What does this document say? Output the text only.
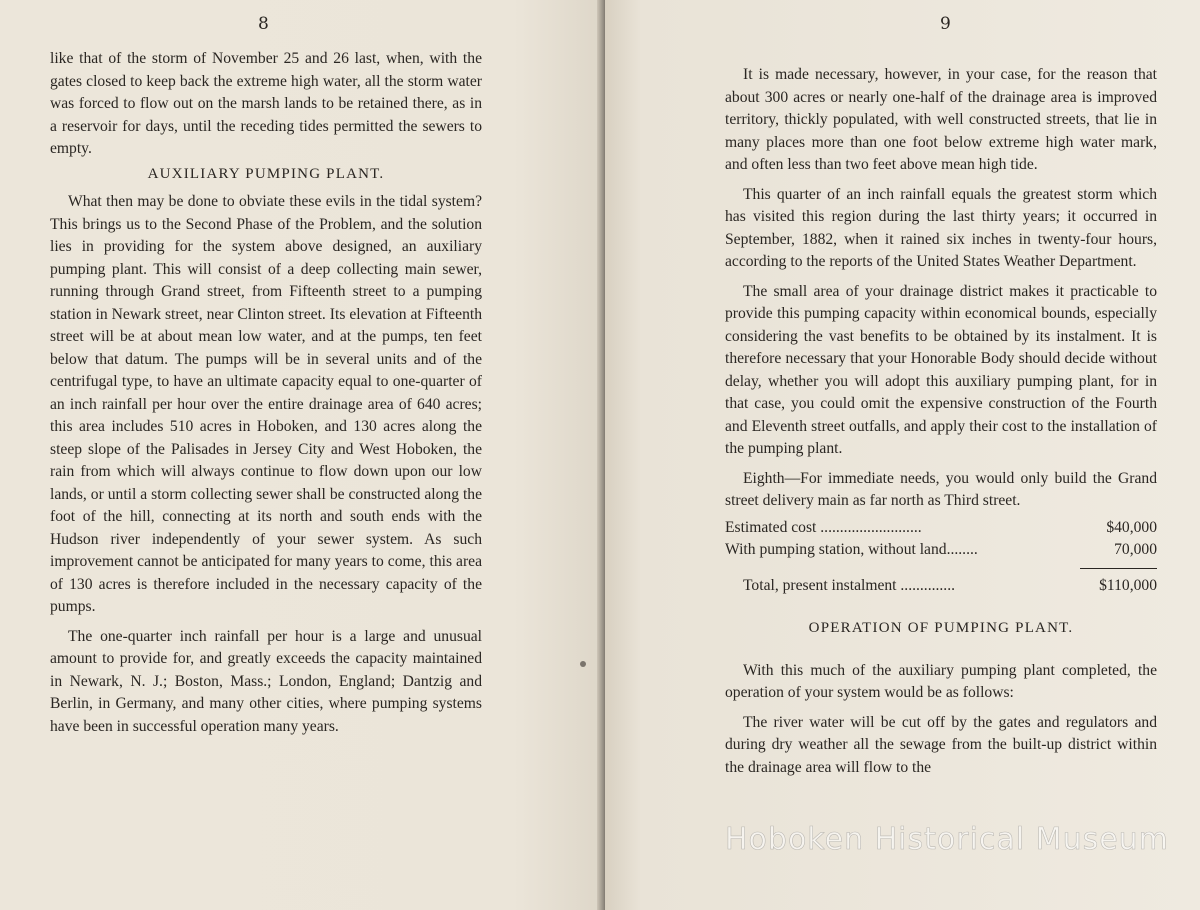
8

like that of the storm of November 25 and 26 last, when, with the gates closed to keep back the extreme high water, all the storm water was forced to flow out on the marsh lands to be retained there, as in a reservoir for days, until the receding tides permitted the sewers to empty.

AUXILIARY PUMPING PLANT.

What then may be done to obviate these evils in the tidal system? This brings us to the Second Phase of the Problem, and the solution lies in providing for the system above designed, an auxiliary pumping plant. This will consist of a deep collecting main sewer, running through Grand street, from Fifteenth street to a pumping station in Newark street, near Clinton street. Its elevation at Fifteenth street will be at about mean low water, and at the pumps, ten feet below that datum. The pumps will be in several units and of the centrifugal type, to have an ultimate capacity equal to one-quarter of an inch rainfall per hour over the entire drainage area of 640 acres; this area includes 510 acres in Hoboken, and 130 acres along the steep slope of the Palisades in Jersey City and West Hoboken, the rain from which will always continue to flow down upon our low lands, or until a storm collecting sewer shall be constructed along the foot of the hill, connecting at its north and south ends with the Hudson river independently of your sewer system. As such improvement cannot be anticipated for many years to come, this area of 130 acres is therefore included in the necessary capacity of the pumps.

The one-quarter inch rainfall per hour is a large and unusual amount to provide for, and greatly exceeds the capacity maintained in Newark, N. J.; Boston, Mass.; London, England; Dantzig and Berlin, in Germany, and many other cities, where pumping systems have been in successful operation many years.

9

It is made necessary, however, in your case, for the reason that about 300 acres or nearly one-half of the drainage area is improved territory, thickly populated, with well constructed streets, that lie in many places more than one foot below extreme high water mark, and often less than two feet above mean high tide.

This quarter of an inch rainfall equals the greatest storm which has visited this region during the last thirty years; it occurred in September, 1882, when it rained six inches in twenty-four hours, according to the reports of the United States Weather Department.

The small area of your drainage district makes it practicable to provide this pumping capacity within economical bounds, especially considering the vast benefits to be obtained by its instalment. It is therefore necessary that your Honorable Body should decide without delay, whether you will adopt this auxiliary pumping plant, for in that case, you could omit the expensive construction of the Fourth and Eleventh street outfalls, and apply their cost to the installation of the pumping plant.

Eighth—For immediate needs, you would only build the Grand street delivery main as far north as Third street.

Estimated cost ..........................	$40,000
With pumping station, without land........	70,000
Total, present instalment ..............	$110,000
OPERATION OF PUMPING PLANT.

With this much of the auxiliary pumping plant completed, the operation of your system would be as follows:

The river water will be cut off by the gates and regulators and during dry weather all the sewage from the built-up district within the drainage area will flow to the

Hoboken Historical Museum
